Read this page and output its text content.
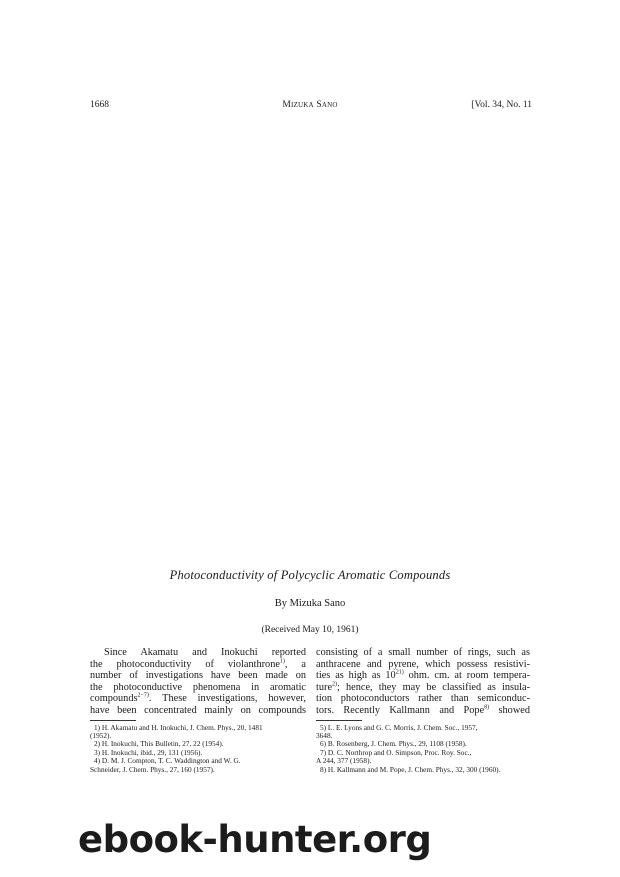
1668	Mizuka Sano	[Vol. 34, No. 11
Photoconductivity of Polycyclic Aromatic Compounds
By Mizuka Sano
(Received May 10, 1961)
Since Akamatu and Inokuchi reported
the photoconductivity of violanthrone$^{1)}$, a
number of investigations have been made on
the photoconductive phenomena in aromatic
compounds$^{2-7)}$. These investigations, however,
have been concentrated mainly on compounds
1) H. Akamatu and H. Inokuchi, J. Chem. Phys., 20, 1481
(1952).
2) H. Inokuchi, This Bulletin, 27, 22 (1954).
3) H. Inokuchi, ibid., 29, 131 (1956).
4) D. M. J. Compton, T. C. Waddington and W. G.
Schneider, J. Chem. Phys., 27, 160 (1957).
consisting of a small number of rings, such as
anthracene and pyrene, which possess resistivi-
ties as high as 10$^{21)}$ ohm. cm. at room tempera-
ture$^{2)}$; hence, they may be classified as insula-
tion photoconductors rather than semiconduc-
tors. Recently Kallmann and Pope$^{8)}$ showed
5) L. E. Lyons and G. C. Morris, J. Chem. Soc., 1957,
3648.
6) B. Rosenberg, J. Chem. Phys., 29, 1108 (1958).
7) D. C. Northrop and O. Simpson, Proc. Roy. Soc.,
A 244, 377 (1958).
8) H. Kallmann and M. Pope, J. Chem. Phys., 32, 300 (1960).
ebook-hunter.org
